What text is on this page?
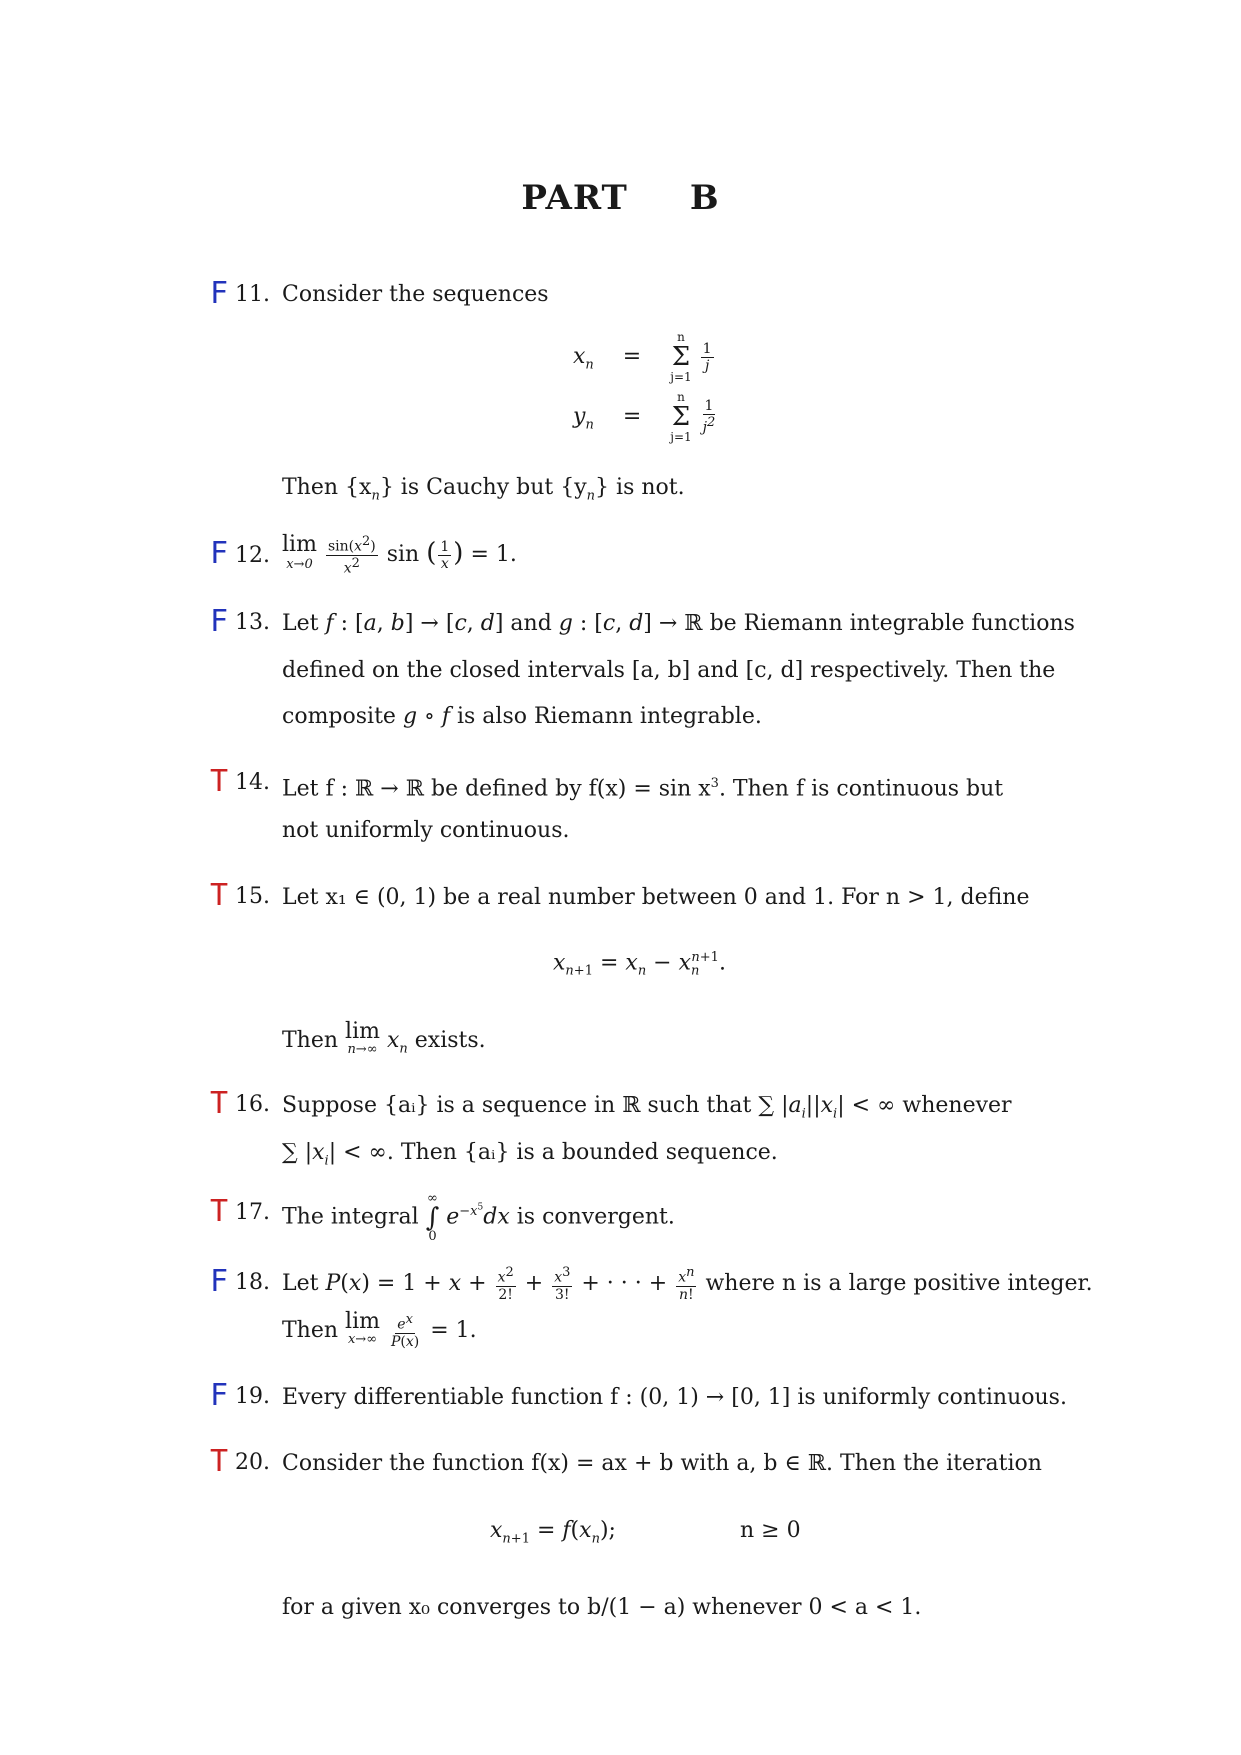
PART B
F 11. Consider the sequences
$x_n$ =
n
Σ
j=1

$\frac{1}{j}$
$y_n$ =
n
Σ
j=1

$\frac{1}{j^2}$
Then $\{x_n\}$ is Cauchy but $\{y_n\}$ is not.
F 12. lim
x→0
$\frac{\sin(x^2)}{x^2}$ sin ( $\frac{1}{x}$ ) = 1.
F 13. Let f : [a, b] → [c, d] and g : [c, d] → ℝ be Riemann integrable functions
defined on the closed intervals [a, b] and [c, d] respectively. Then the
composite g ∘ f is also Riemann integrable.
T 14. Let f : ℝ → ℝ be defined by $f(x) = \sin x^3$. Then f is continuous but
not uniformly continuous.
T 15. Let x₁ ∈ (0, 1) be a real number between 0 and 1. For n > 1, define
$x_{n+1} = x_n - x_n^{n+1}$.
Then lim
n→∞ $x_n$ exists.
T 16. Suppose {aᵢ} is a sequence in ℝ such that ∑ $|a_i||x_i|$ < ∞ whenever
∑ $|x_i|$ < ∞. Then {aᵢ} is a bounded sequence.
T 17. The integral
∞
∫
0
$e^{-x^5}dx$ is convergent.
F 18. Let $P(x) = 1 + x + \frac{x^2}{2!} + \frac{x^3}{3!}$ + · · · + $\frac{x^n}{n!}$ where n is a large positive integer.
Then lim
x→∞
$\frac{e^x}{P(x)} = 1$.
F 19. Every differentiable function f : (0, 1) → [0, 1] is uniformly continuous.
T 20. Consider the function f(x) = ax + b with a, b ∈ ℝ. Then the iteration
$x_{n+1} = f(x_n)$;	n ≥ 0
for a given x₀ converges to b/(1 − a) whenever 0 < a < 1.
